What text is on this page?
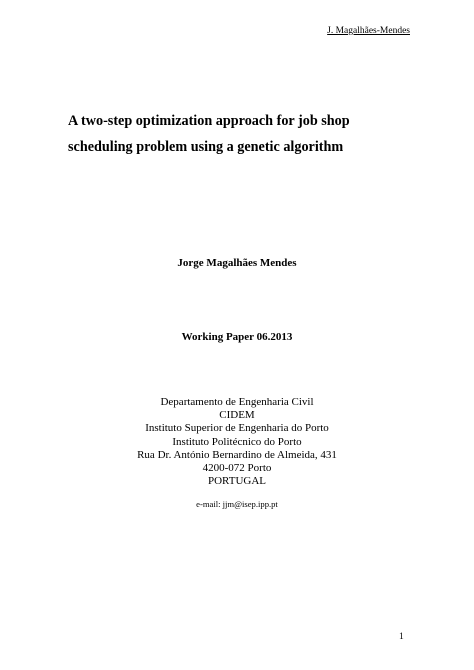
J. Magalhães-Mendes
A two-step optimization approach for job shop
scheduling problem using a genetic algorithm
Jorge Magalhães Mendes
Working Paper 06.2013
Departamento de Engenharia Civil
CIDEM
Instituto Superior de Engenharia do Porto
Instituto Politécnico do Porto
Rua Dr. António Bernardino de Almeida, 431
4200-072 Porto
PORTUGAL
e-mail: jjm@isep.ipp.pt
1
